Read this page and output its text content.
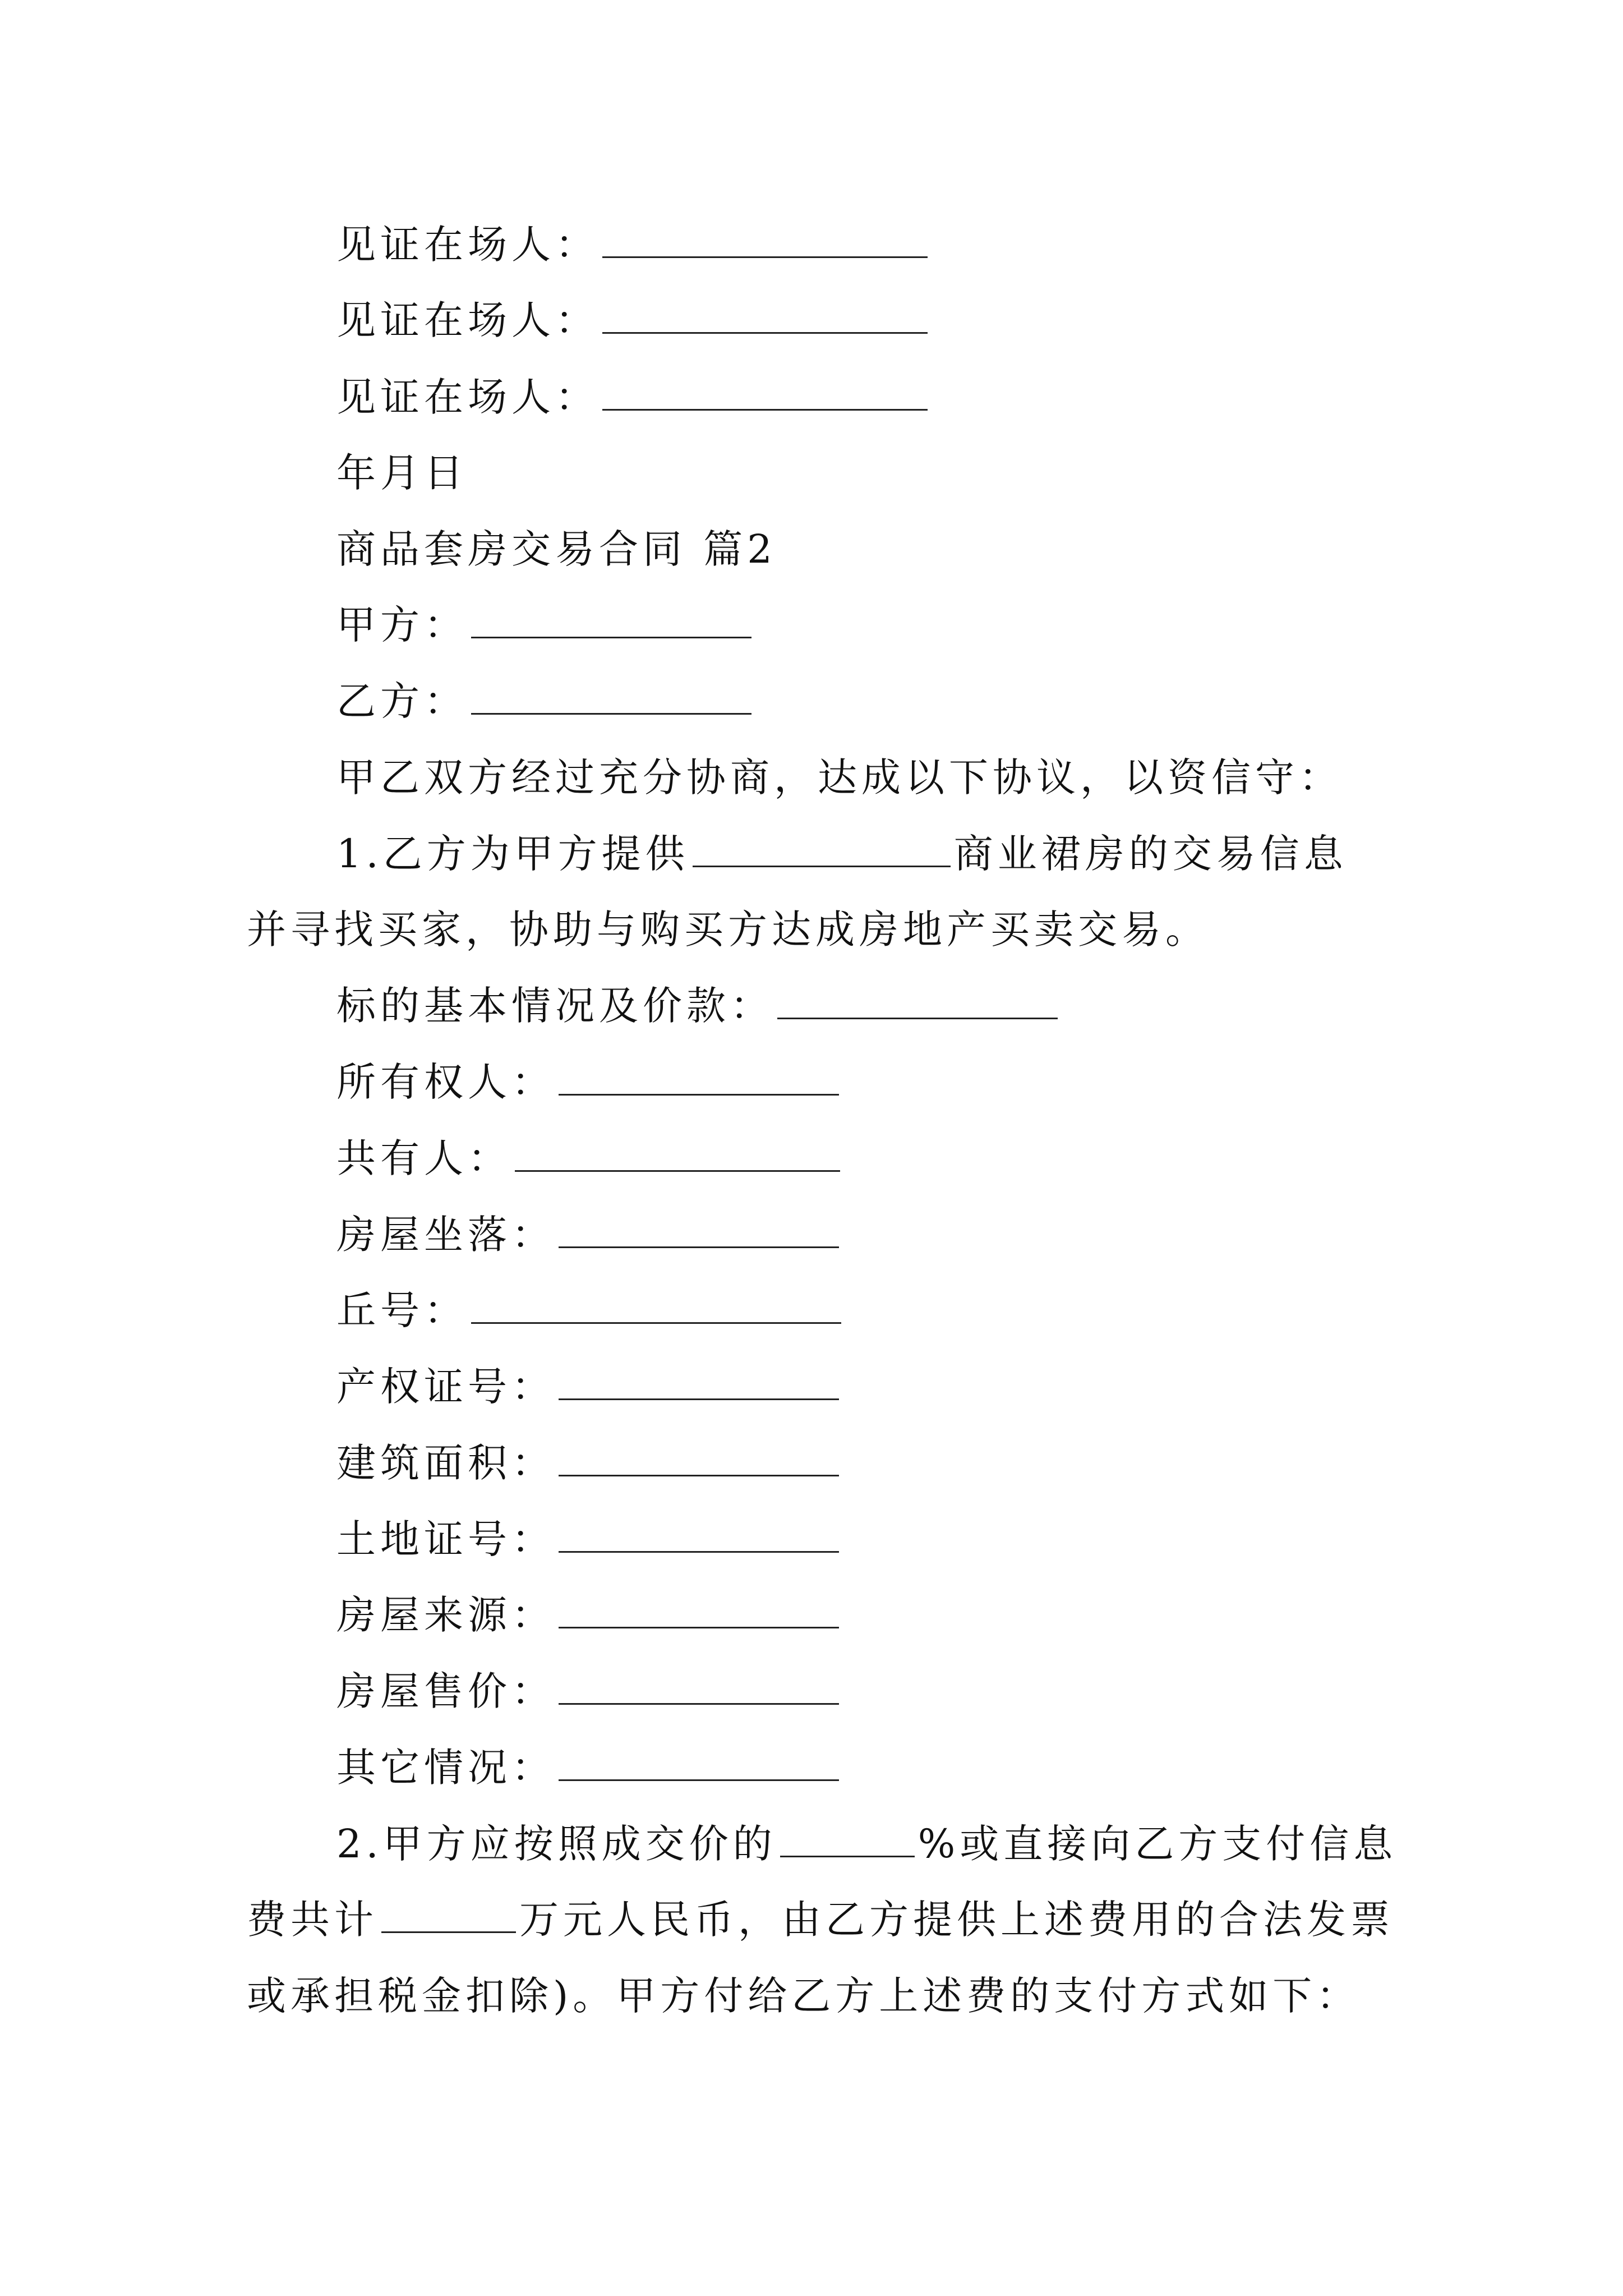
见证在场人：
见证在场人：
见证在场人：
年月日
商品套房交易合同 篇2
甲方：
乙方：
甲乙双方经过充分协商，达成以下协议，以资信守：
1.乙方为甲方提供	商业裙房的交易信息
并寻找买家，协助与购买方达成房地产买卖交易。
标的基本情况及价款：
所有权人：
共有人：
房屋坐落：
丘号：
产权证号：
建筑面积：
土地证号：
房屋来源：
房屋售价：
其它情况：
2.甲方应按照成交价的	%或直接向乙方支付信息
费共计	万元人民币，由乙方提供上述费用的合法发票
或承担税金扣除)。甲方付给乙方上述费的支付方式如下：
